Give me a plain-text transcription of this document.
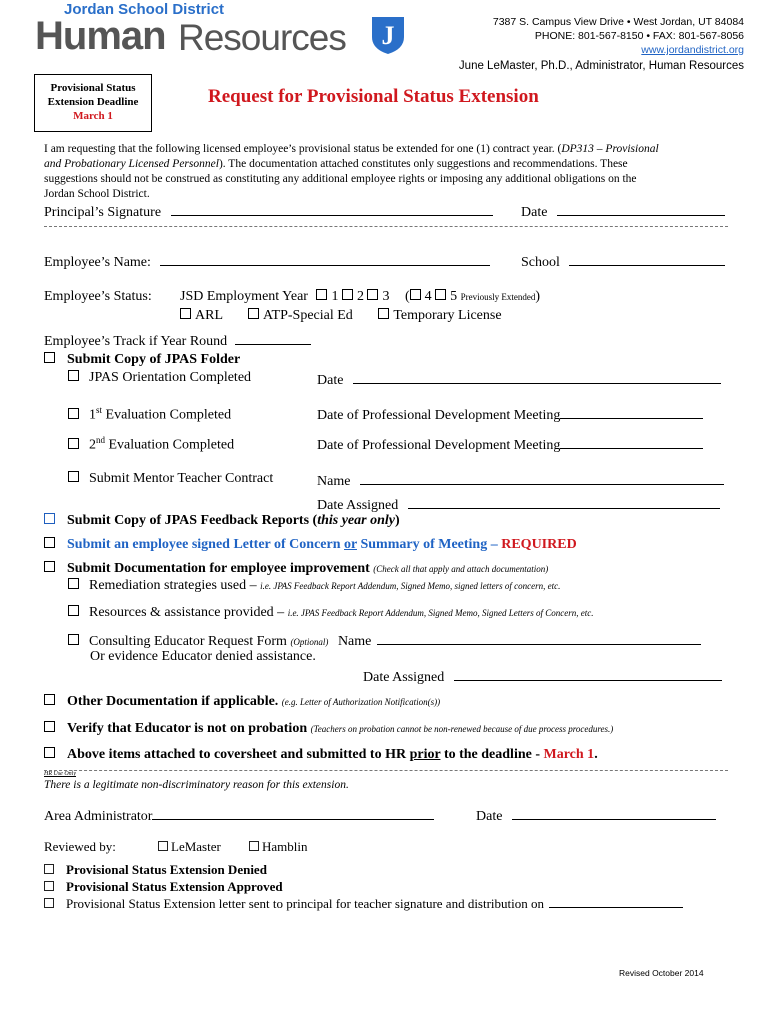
Jordan School District
Human Resources J	7387 S. Campus View Drive • West Jordan, UT 84084
PHONE: 801-567-8150 • FAX: 801-567-8056
www.jordandistrict.org
June LeMaster, Ph.D., Administrator, Human Resources
Provisional Status
Extension Deadline
March 1
Request for Provisional Status Extension
I am requesting that the following licensed employee’s provisional status be extended for one (1) contract year. (DP313 – Provisional
and Probationary Licensed Personnel). The documentation attached constitutes only suggestions and recommendations. These
suggestions should not be construed as constituting any additional employee rights or imposing any additional obligations on the
Jordan School District.
Principal’s Signature	Date
Employee’s Name:	School
Employee’s Status: JSD Employment Year 1 2 3 ( 4 5 Previously Extended)
ARL	ATP-Special Ed	Temporary License
Employee’s Track if Year Round
Submit Copy of JPAS Folder
JPAS Orientation Completed	Date
1st Evaluation Completed	Date of Professional Development Meeting
2nd Evaluation Completed	Date of Professional Development Meeting
Submit Mentor Teacher Contract	Name
Date Assigned
Submit Copy of JPAS Feedback Reports (this year only)
Submit an employee signed Letter of Concern or Summary of Meeting – REQUIRED
Submit Documentation for employee improvement (Check all that apply and attach documentation)
Remediation strategies used – i.e. JPAS Feedback Report Addendum, Signed Memo, signed letters of concern, etc.
Resources & assistance provided – i.e. JPAS Feedback Report Addendum, Signed Memo, Signed Letters of Concern, etc.
Consulting Educator Request Form (Optional) Name
Or evidence Educator denied assistance.
Date Assigned
Other Documentation if applicable. (e.g. Letter of Authorization Notification(s))
Verify that Educator is not on probation (Teachers on probation cannot be non-renewed because of due process procedures.)
Above items attached to coversheet and submitted to HR prior to the deadline - March 1.
HR Use Only
There is a legitimate non-discriminatory reason for this extension.
Area Administrator	Date
Reviewed by:	LeMaster	Hamblin
Provisional Status Extension Denied
Provisional Status Extension Approved
Provisional Status Extension letter sent to principal for teacher signature and distribution on
Revised October 2014
